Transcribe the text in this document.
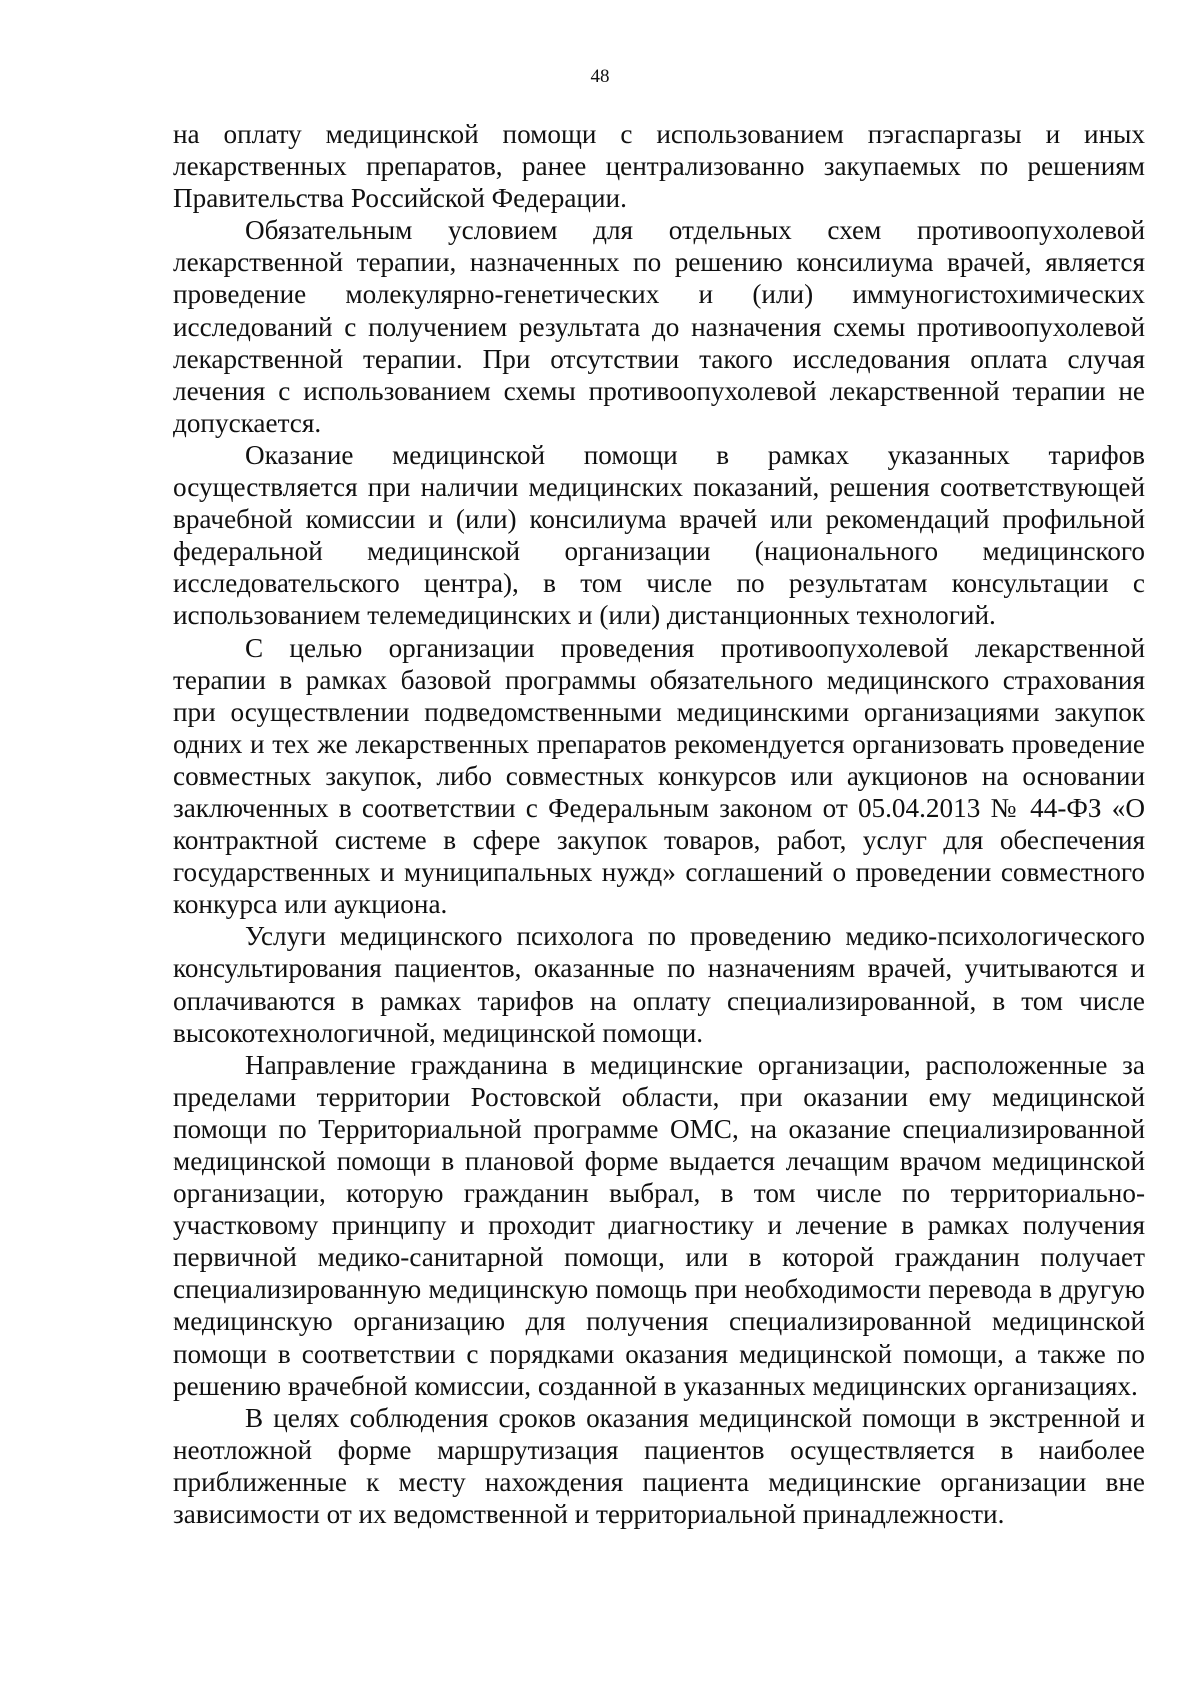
48

на оплату медицинской помощи с использованием пэгаспаргазы и иных лекарственных препаратов, ранее централизованно закупаемых по решениям Правительства Российской Федерации.

Обязательным условием для отдельных схем противоопухолевой лекарственной терапии, назначенных по решению консилиума врачей, является проведение молекулярно-генетических и (или) иммуногистохимических исследований с получением результата до назначения схемы противоопухолевой лекарственной терапии. При отсутствии такого исследования оплата случая лечения с использованием схемы противоопухолевой лекарственной терапии не допускается.

Оказание медицинской помощи в рамках указанных тарифов осуществляется при наличии медицинских показаний, решения соответствующей врачебной комиссии и (или) консилиума врачей или рекомендаций профильной федеральной медицинской организации (национального медицинского исследовательского центра), в том числе по результатам консультации с использованием телемедицинских и (или) дистанционных технологий.

С целью организации проведения противоопухолевой лекарственной терапии в рамках базовой программы обязательного медицинского страхования при осуществлении подведомственными медицинскими организациями закупок одних и тех же лекарственных препаратов рекомендуется организовать проведение совместных закупок, либо совместных конкурсов или аукционов на основании заключенных в соответствии с Федеральным законом от 05.04.2013 № 44-ФЗ «О контрактной системе в сфере закупок товаров, работ, услуг для обеспечения государственных и муниципальных нужд» соглашений о проведении совместного конкурса или аукциона.

Услуги медицинского психолога по проведению медико-психологического консультирования пациентов, оказанные по назначениям врачей, учитываются и оплачиваются в рамках тарифов на оплату специализированной, в том числе высокотехнологичной, медицинской помощи.

Направление гражданина в медицинские организации, расположенные за пределами территории Ростовской области, при оказании ему медицинской помощи по Территориальной программе ОМС, на оказание специализированной медицинской помощи в плановой форме выдается лечащим врачом медицинской организации, которую гражданин выбрал, в том числе по территориально-участковому принципу и проходит диагностику и лечение в рамках получения первичной медико-санитарной помощи, или в которой гражданин получает специализированную медицинскую помощь при необходимости перевода в другую медицинскую организацию для получения специализированной медицинской помощи в соответствии с порядками оказания медицинской помощи, а также по решению врачебной комиссии, созданной в указанных медицинских организациях.

В целях соблюдения сроков оказания медицинской помощи в экстренной и неотложной форме маршрутизация пациентов осуществляется в наиболее приближенные к месту нахождения пациента медицинские организации вне зависимости от их ведомственной и территориальной принадлежности.
